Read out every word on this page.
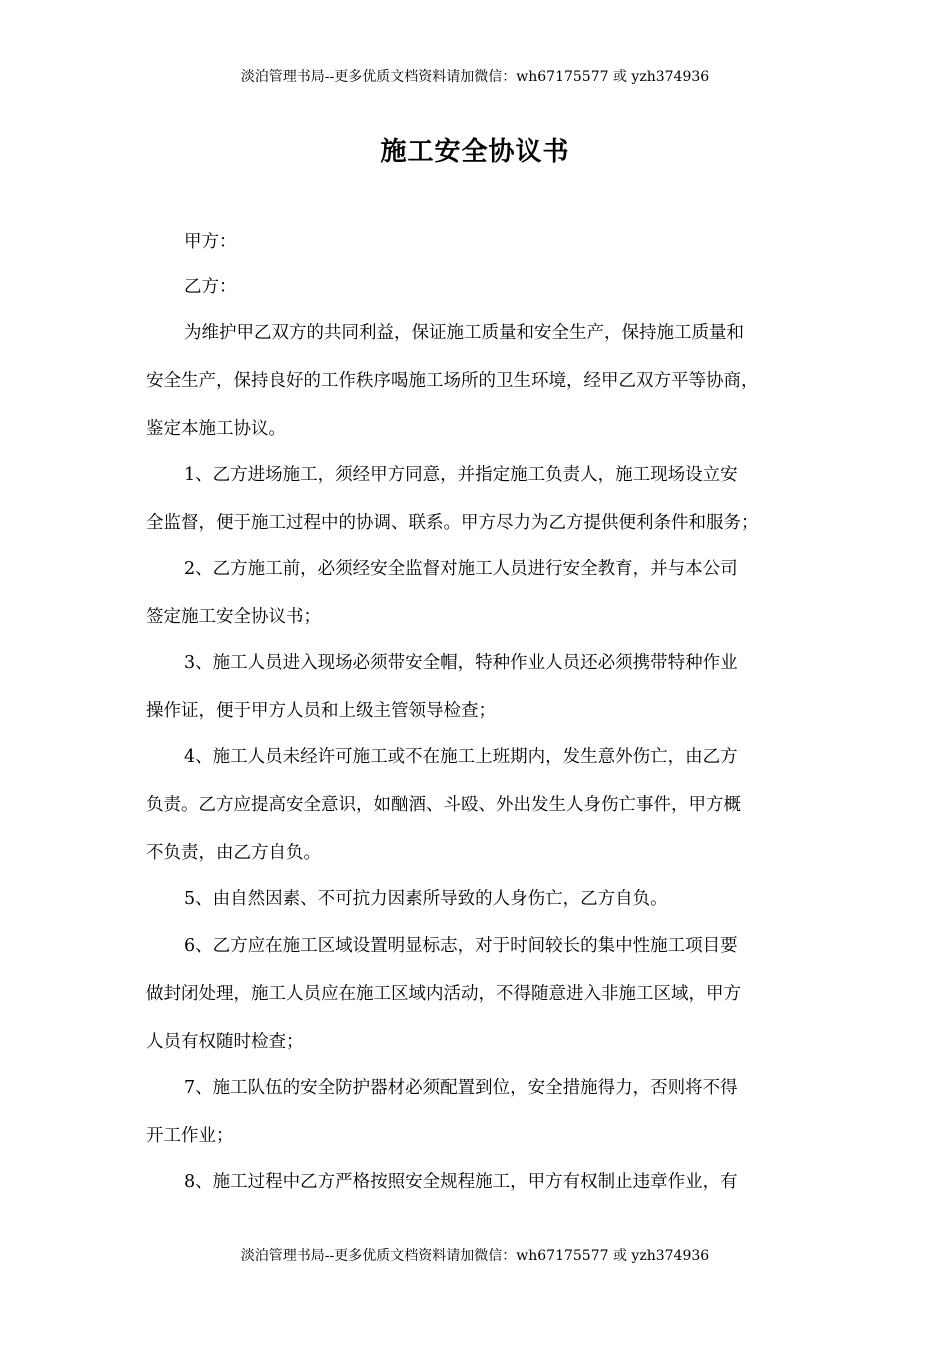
淡泊管理书局--更多优质文档资料请加微信：wh67175577 或 yzh374936
施工安全协议书
甲方：
乙方：
为维护甲乙双方的共同利益，保证施工质量和安全生产，保持施工质量和
安全生产，保持良好的工作秩序喝施工场所的卫生环境，经甲乙双方平等协商，
鉴定本施工协议。
1、乙方进场施工，须经甲方同意，并指定施工负责人，施工现场设立安
全监督，便于施工过程中的协调、联系。甲方尽力为乙方提供便利条件和服务；
2、乙方施工前，必须经安全监督对施工人员进行安全教育，并与本公司
签定施工安全协议书；
3、施工人员进入现场必须带安全帽，特种作业人员还必须携带特种作业
操作证，便于甲方人员和上级主管领导检查；
4、施工人员未经许可施工或不在施工上班期内，发生意外伤亡，由乙方
负责。乙方应提高安全意识，如酗酒、斗殴、外出发生人身伤亡事件，甲方概
不负责，由乙方自负。
5、由自然因素、不可抗力因素所导致的人身伤亡，乙方自负。
6、乙方应在施工区域设置明显标志，对于时间较长的集中性施工项目要
做封闭处理，施工人员应在施工区域内活动，不得随意进入非施工区域，甲方
人员有权随时检查；
7、施工队伍的安全防护器材必须配置到位，安全措施得力，否则将不得
开工作业；
8、施工过程中乙方严格按照安全规程施工，甲方有权制止违章作业，有
淡泊管理书局--更多优质文档资料请加微信：wh67175577 或 yzh374936
